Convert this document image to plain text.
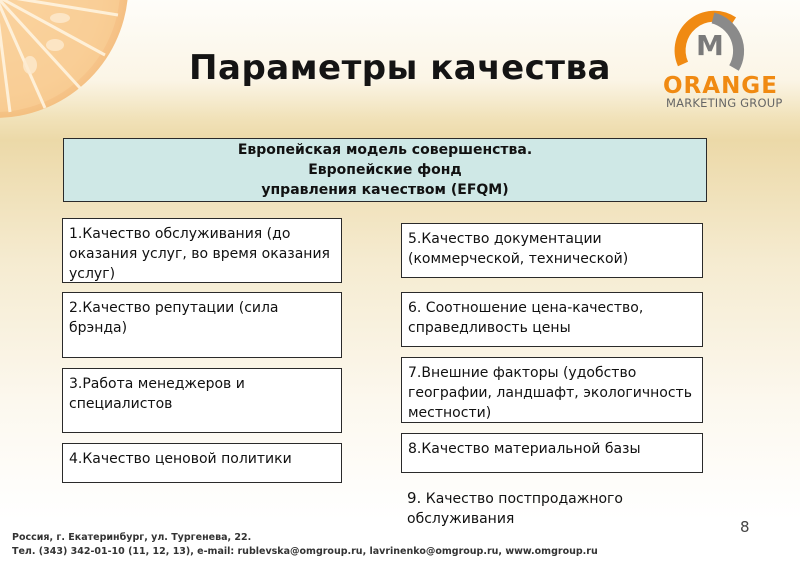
Параметры качества
M
ORANGE
MARKETING GROUP
Европейская модель совершенства.
Европейские фонд
управления качеством (EFQM)
1.Качество обслуживания (до оказания услуг, во время оказания услуг)
2.Качество репутации (сила брэнда)
3.Работа менеджеров и специалистов
4.Качество ценовой политики
5.Качество документации (коммерческой, технической)
6. Соотношение цена-качество, справедливость цены
7.Внешние факторы (удобство географии, ландшафт, экологичность местности)
8.Качество материальной базы
9. Качество постпродажного обслуживания	8
Россия, г. Екатеринбург, ул. Тургенева, 22.
Тел. (343) 342-01-10 (11, 12, 13), e-mail: rublevska@omgroup.ru, lavrinenko@omgroup.ru, www.omgroup.ru
